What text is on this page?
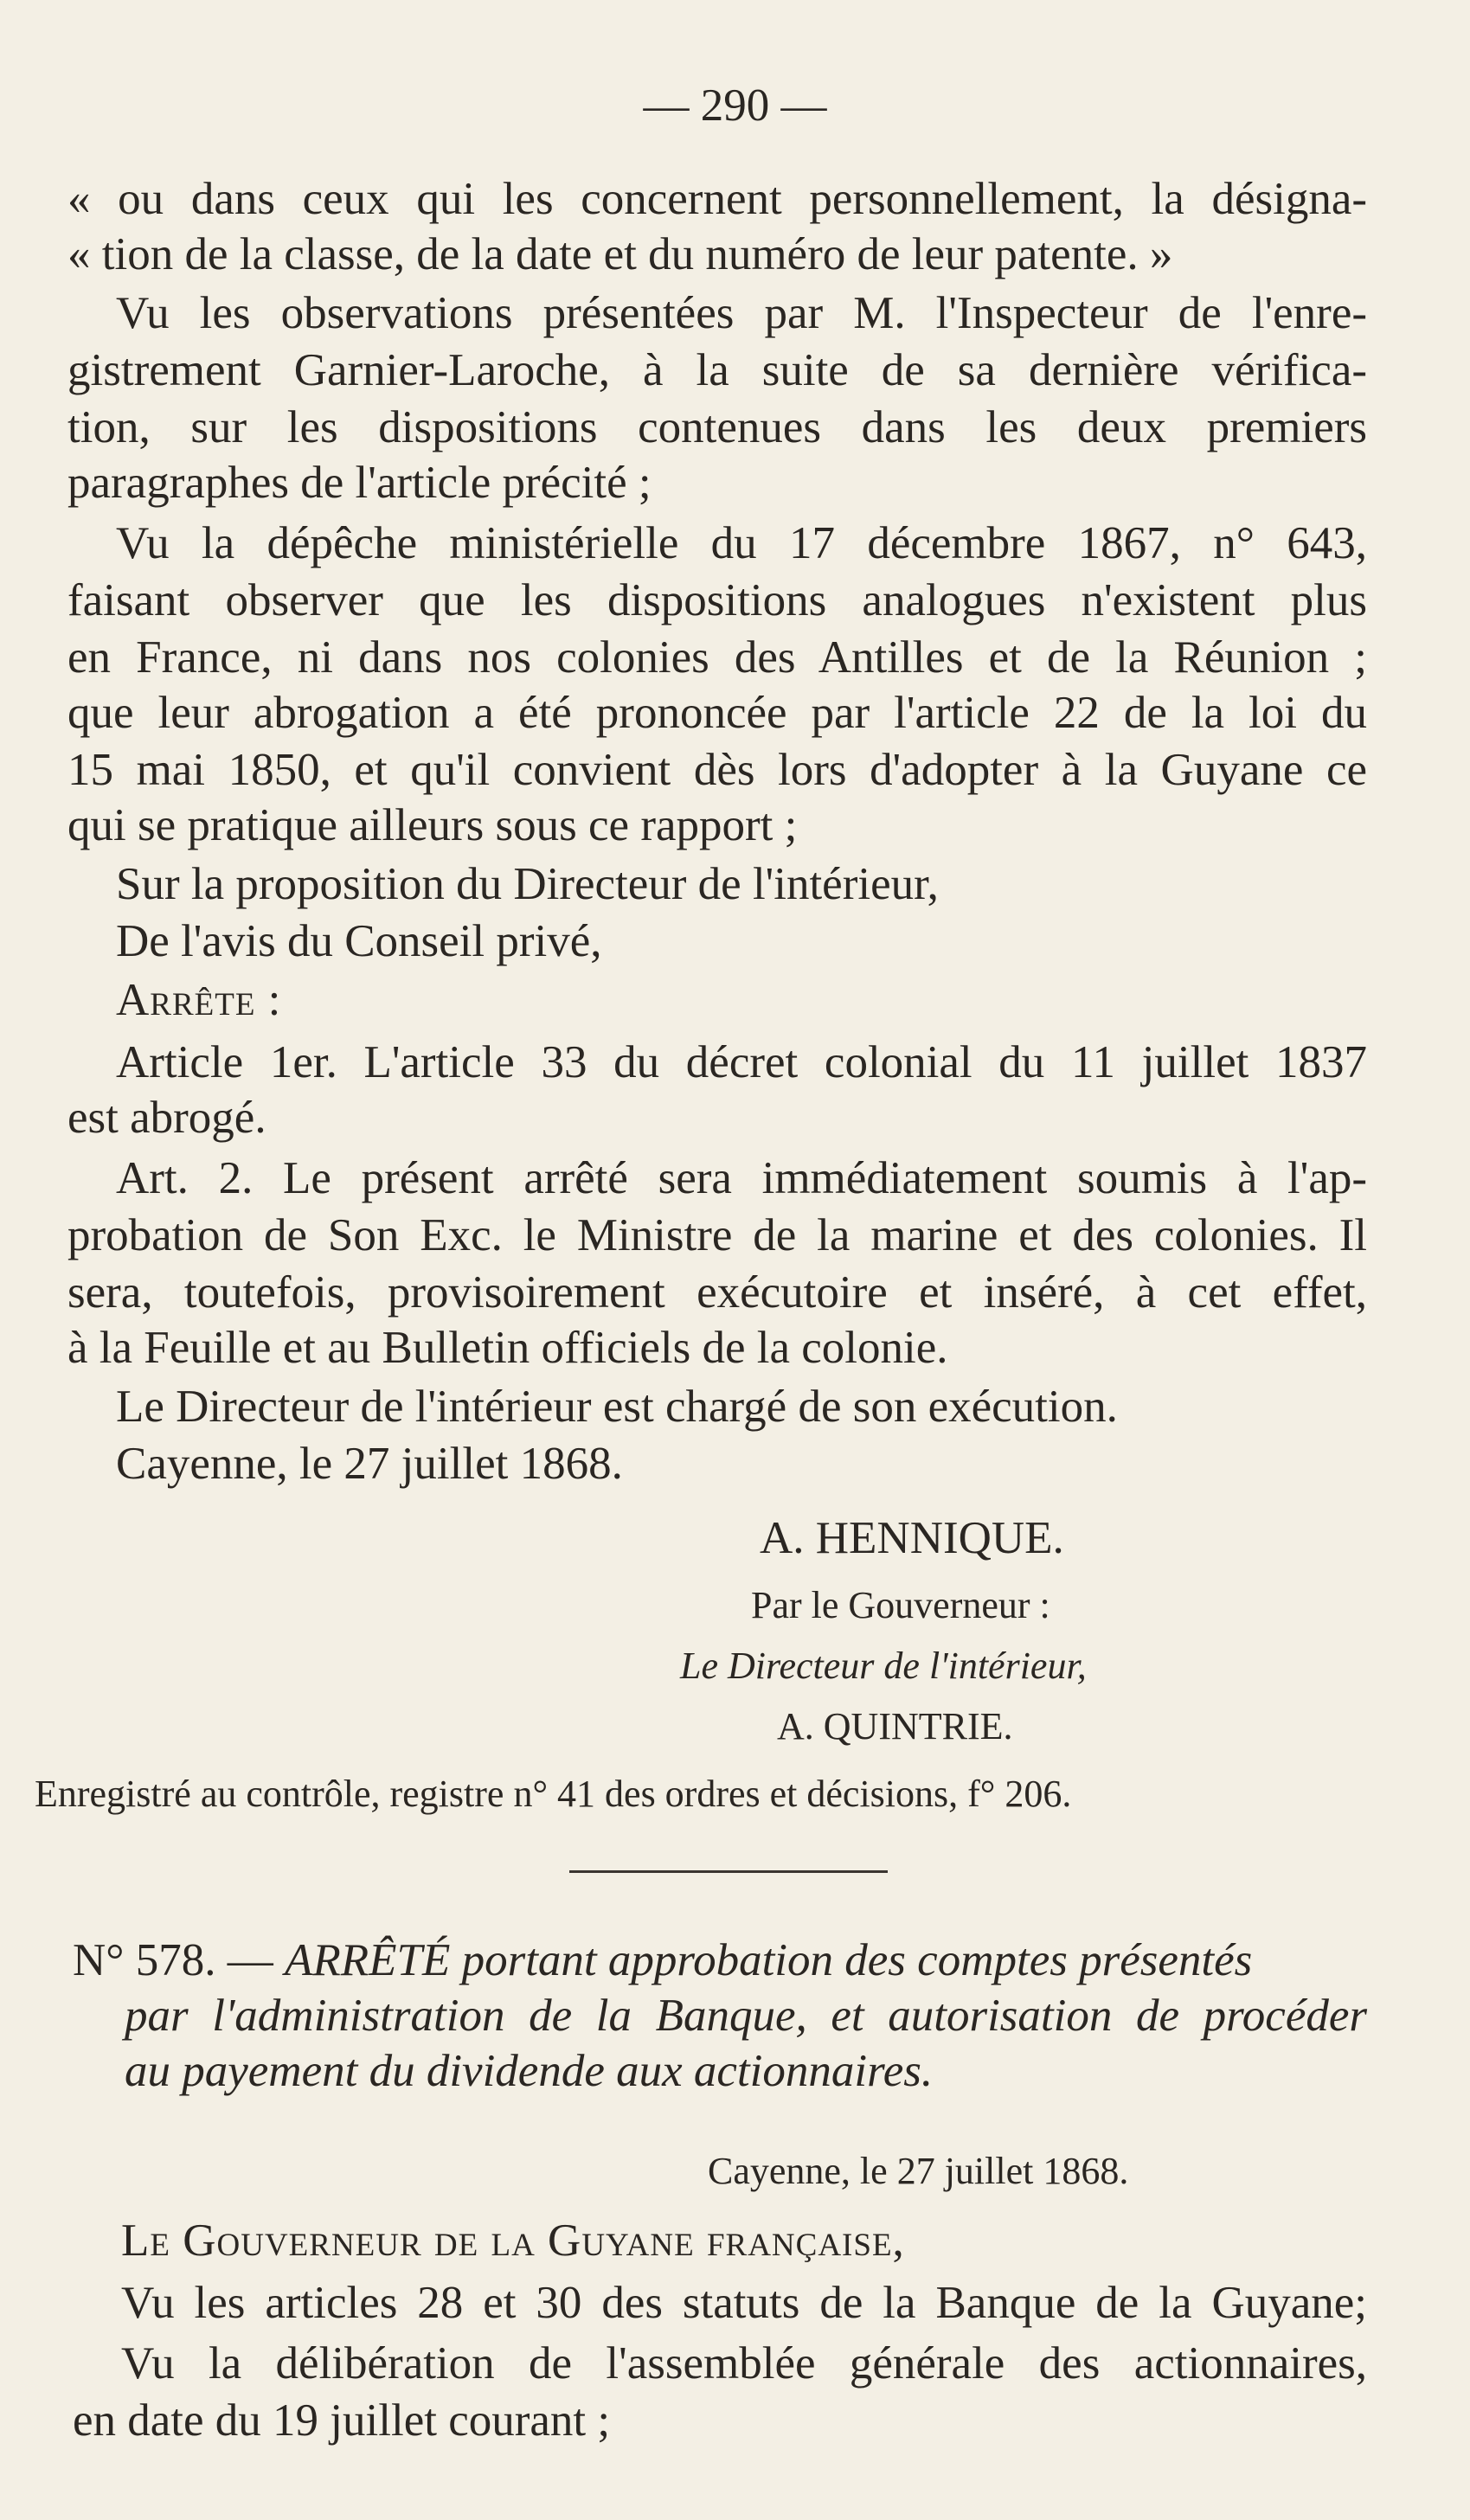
— 290 —
« ou dans ceux qui les concernent personnellement, la désigna-
« tion de la classe, de la date et du numéro de leur patente. »
Vu les observations présentées par M. l'Inspecteur de l'enre-
gistrement Garnier-Laroche, à la suite de sa dernière vérifica-
tion, sur les dispositions contenues dans les deux premiers
paragraphes de l'article précité ;
Vu la dépêche ministérielle du 17 décembre 1867, n° 643,
faisant observer que les dispositions analogues n'existent plus
en France, ni dans nos colonies des Antilles et de la Réunion ;
que leur abrogation a été prononcée par l'article 22 de la loi du
15 mai 1850, et qu'il convient dès lors d'adopter à la Guyane ce
qui se pratique ailleurs sous ce rapport ;
Sur la proposition du Directeur de l'intérieur,
De l'avis du Conseil privé,
Arrête :
Article 1er. L'article 33 du décret colonial du 11 juillet 1837
est abrogé.
Art. 2. Le présent arrêté sera immédiatement soumis à l'ap-
probation de Son Exc. le Ministre de la marine et des colonies. Il
sera, toutefois, provisoirement exécutoire et inséré, à cet effet,
à la Feuille et au Bulletin officiels de la colonie.
Le Directeur de l'intérieur est chargé de son exécution.
Cayenne, le 27 juillet 1868.
A. HENNIQUE.
Par le Gouverneur :
Le Directeur de l'intérieur,
A. QUINTRIE.
Enregistré au contrôle, registre n° 41 des ordres et décisions, f° 206.
N° 578. — ARRÊTÉ portant approbation des comptes présentés
par l'administration de la Banque, et autorisation de procéder
au payement du dividende aux actionnaires.
Cayenne, le 27 juillet 1868.
Le Gouverneur de la Guyane française,
Vu les articles 28 et 30 des statuts de la Banque de la Guyane;
Vu la délibération de l'assemblée générale des actionnaires,
en date du 19 juillet courant ;
